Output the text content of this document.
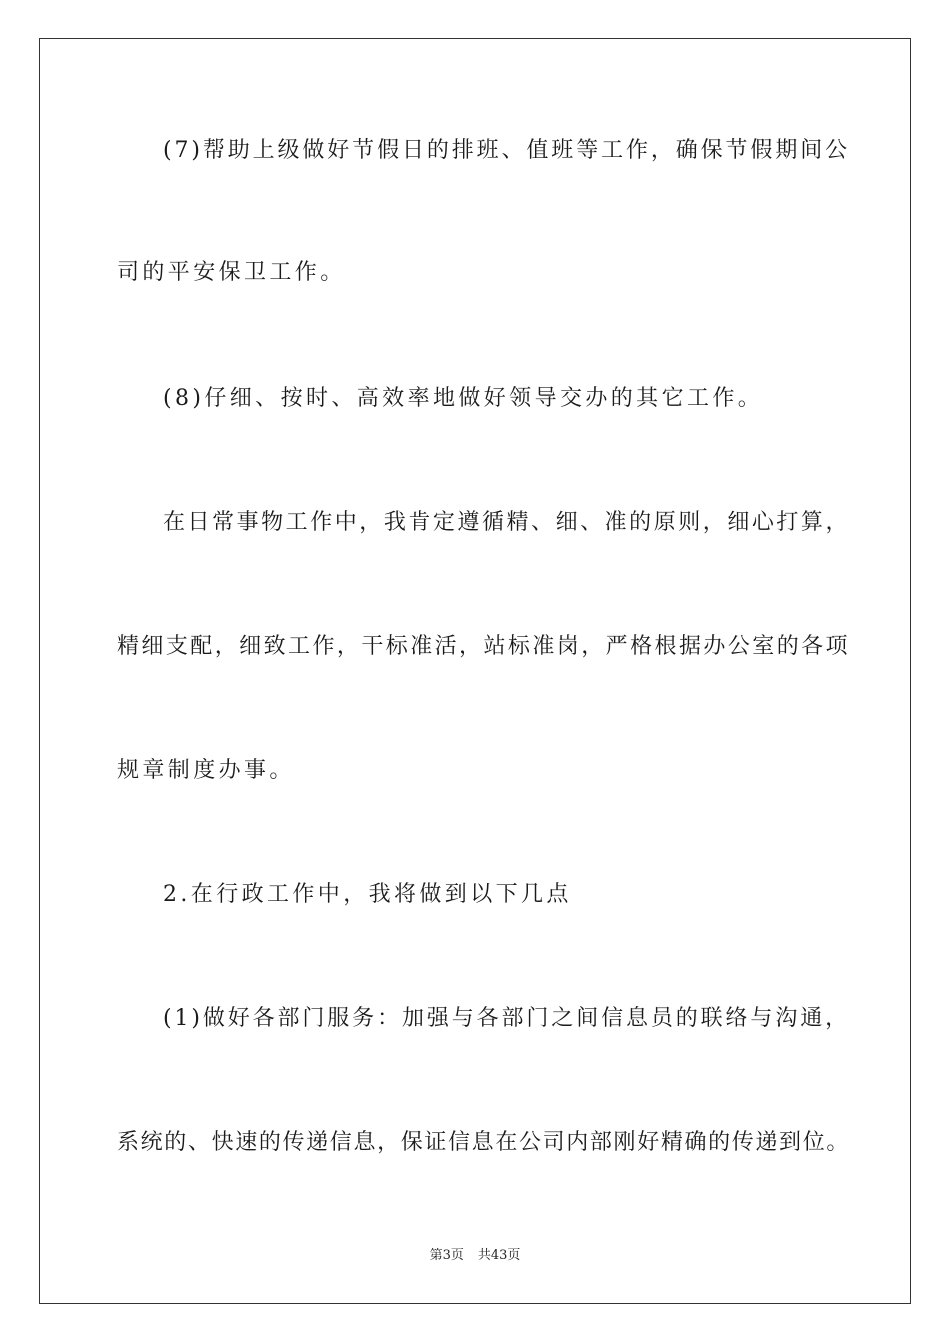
(7)帮助上级做好节假日的排班、值班等工作，确保节假期间公
司的平安保卫工作。
(8)仔细、按时、高效率地做好领导交办的其它工作。
在日常事物工作中，我肯定遵循精、细、准的原则，细心打算，
精细支配，细致工作，干标准活，站标准岗，严格根据办公室的各项
规章制度办事。
2.在行政工作中，我将做到以下几点
(1)做好各部门服务：加强与各部门之间信息员的联络与沟通，
系统的、快速的传递信息，保证信息在公司内部刚好精确的传递到位。
第3页 共43页
